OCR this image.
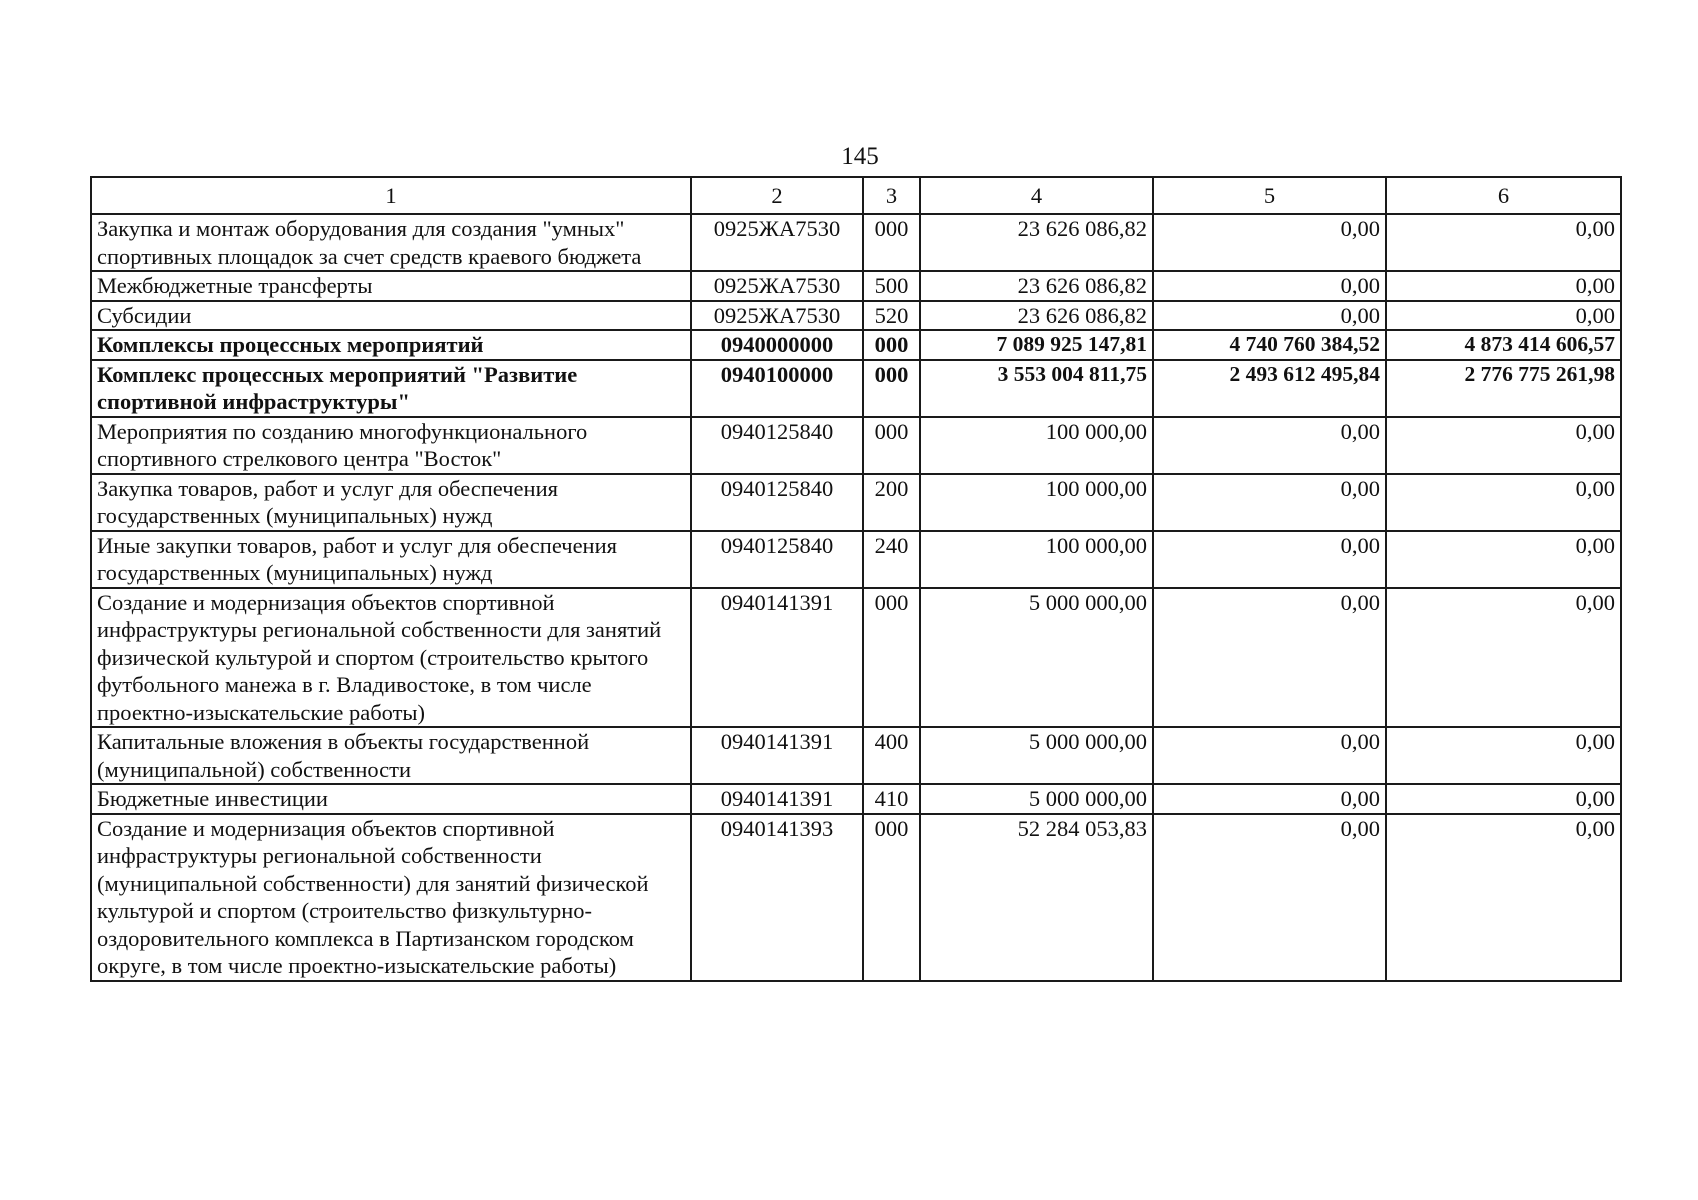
145
1	2	3	4	5	6
Закупка и монтаж оборудования для создания "умных" спортивных площадок за счет средств краевого бюджета	0925ЖА7530	000	23 626 086,82	0,00	0,00
Межбюджетные трансферты	0925ЖА7530	500	23 626 086,82	0,00	0,00
Субсидии	0925ЖА7530	520	23 626 086,82	0,00	0,00
Комплексы процессных мероприятий	0940000000	000	7 089 925 147,81	4 740 760 384,52	4 873 414 606,57
Комплекс процессных мероприятий "Развитие спортивной инфраструктуры"	0940100000	000	3 553 004 811,75	2 493 612 495,84	2 776 775 261,98
Мероприятия по созданию многофункционального спортивного стрелкового центра "Восток"	0940125840	000	100 000,00	0,00	0,00
Закупка товаров, работ и услуг для обеспечения государственных (муниципальных) нужд	0940125840	200	100 000,00	0,00	0,00
Иные закупки товаров, работ и услуг для обеспечения государственных (муниципальных) нужд	0940125840	240	100 000,00	0,00	0,00
Создание и модернизация объектов спортивной инфраструктуры региональной собственности для занятий физической культурой и спортом (строительство крытого футбольного манежа в г. Владивостоке, в том числе проектно-изыскательские работы)	0940141391	000	5 000 000,00	0,00	0,00
Капитальные вложения в объекты государственной (муниципальной) собственности	0940141391	400	5 000 000,00	0,00	0,00
Бюджетные инвестиции	0940141391	410	5 000 000,00	0,00	0,00
Создание и модернизация объектов спортивной инфраструктуры региональной собственности (муниципальной собственности) для занятий физической культурой и спортом (строительство физкультурно-оздоровительного комплекса в Партизанском городском округе, в том числе проектно-изыскательские работы)	0940141393	000	52 284 053,83	0,00	0,00
